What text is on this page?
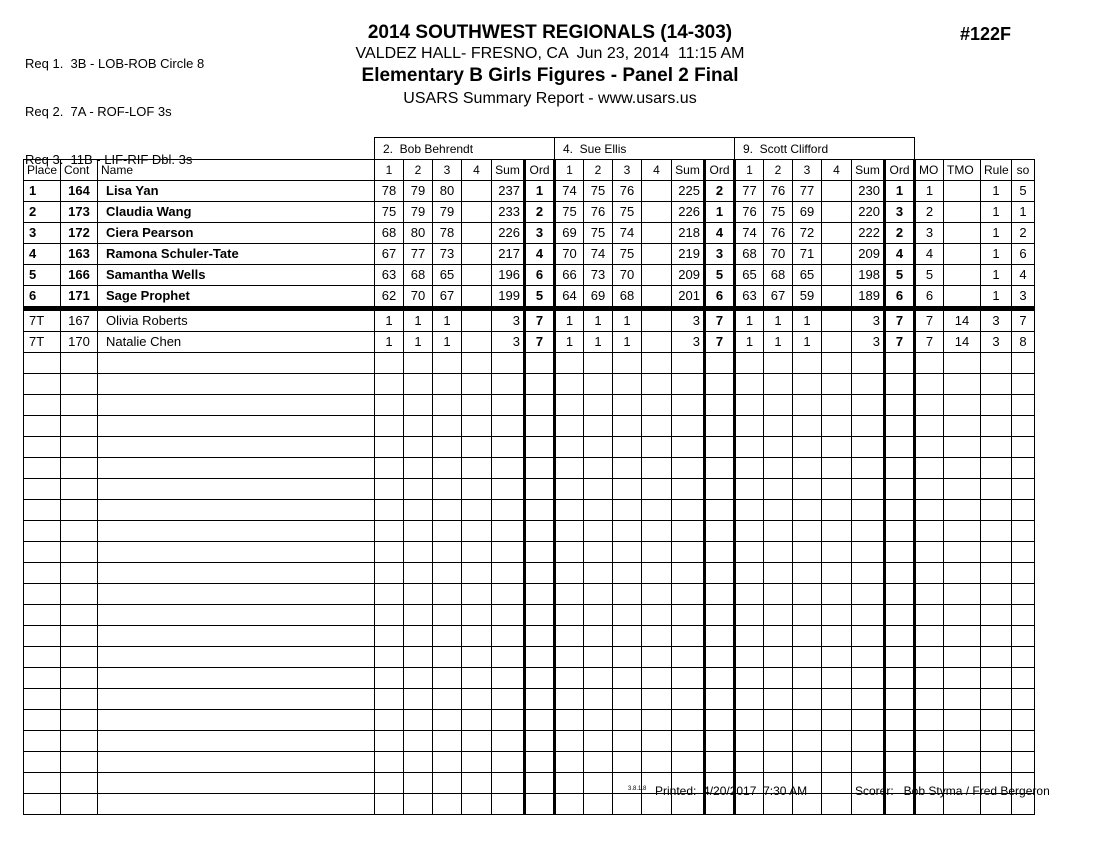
Req 1.  3B - LOB-ROB Circle 8

Req 2.  7A - ROF-LOF 3s

Req 3.  11B - LIF-RIF Dbl. 3s

2014 SOUTHWEST REGIONALS (14-303)
VALDEZ HALL- FRESNO, CA  Jun 23, 2014  11:15 AM
Elementary B Girls Figures - Panel 2 Final
USARS Summary Report - www.usars.us
#122F
			2.  Bob Behrendt						4.  Sue Ellis						9.  Scott Clifford									
Place	Cont	Name	1	2	3	4	Sum	Ord	1	2	3	4	Sum	Ord	1	2	3	4	Sum	Ord	MO	TMO	Rule	so
1	164	Lisa Yan	78	79	80		237	1	74	75	76		225	2	77	76	77		230	1	1		1	5
2	173	Claudia Wang	75	79	79		233	2	75	76	75		226	1	76	75	69		220	3	2		1	1
3	172	Ciera Pearson	68	80	78		226	3	69	75	74		218	4	74	76	72		222	2	3		1	2
4	163	Ramona Schuler-Tate	67	77	73		217	4	70	74	75		219	3	68	70	71		209	4	4		1	6
5	166	Samantha Wells	63	68	65		196	6	66	73	70		209	5	65	68	65		198	5	5		1	4
6	171	Sage Prophet	62	70	67		199	5	64	69	68		201	6	63	67	59		189	6	6		1	3
7T	167	Olivia Roberts	1	1	1		3	7	1	1	1		3	7	1	1	1		3	7	7	14	3	7
7T	170	Natalie Chen	1	1	1		3	7	1	1	1		3	7	1	1	1		3	7	7	14	3	8

3.8.1.8 Printed:  4/20/2017  7:30 AM	Scorer:   Bob Styma / Fred Bergeron
